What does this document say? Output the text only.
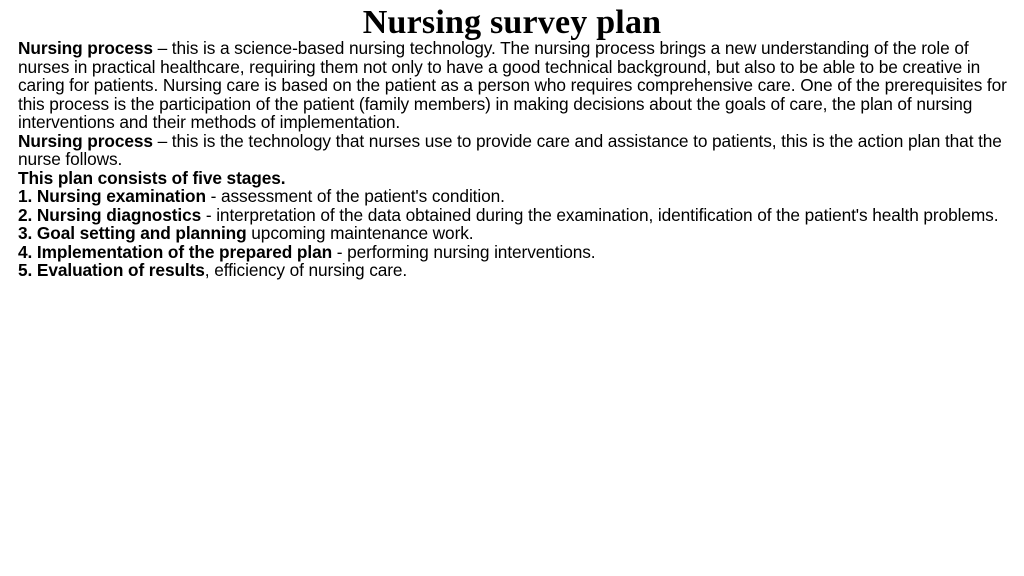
Nursing survey plan

Nursing process – this is a science-based nursing technology. The nursing process brings a new understanding of the role of nurses in practical healthcare, requiring them not only to have a good technical background, but also to be able to be creative in caring for patients. Nursing care is based on the patient as a person who requires comprehensive care. One of the prerequisites for this process is the participation of the patient (family members) in making decisions about the goals of care, the plan of nursing interventions and their methods of implementation.

Nursing process – this is the technology that nurses use to provide care and assistance to patients, this is the action plan that the nurse follows.

This plan consists of five stages.

1. Nursing examination - assessment of the patient's condition.

2. Nursing diagnostics - interpretation of the data obtained during the examination, identification of the patient's health problems.

3. Goal setting and planning upcoming maintenance work.

4. Implementation of the prepared plan - performing nursing interventions.

5. Evaluation of results, efficiency of nursing care.
